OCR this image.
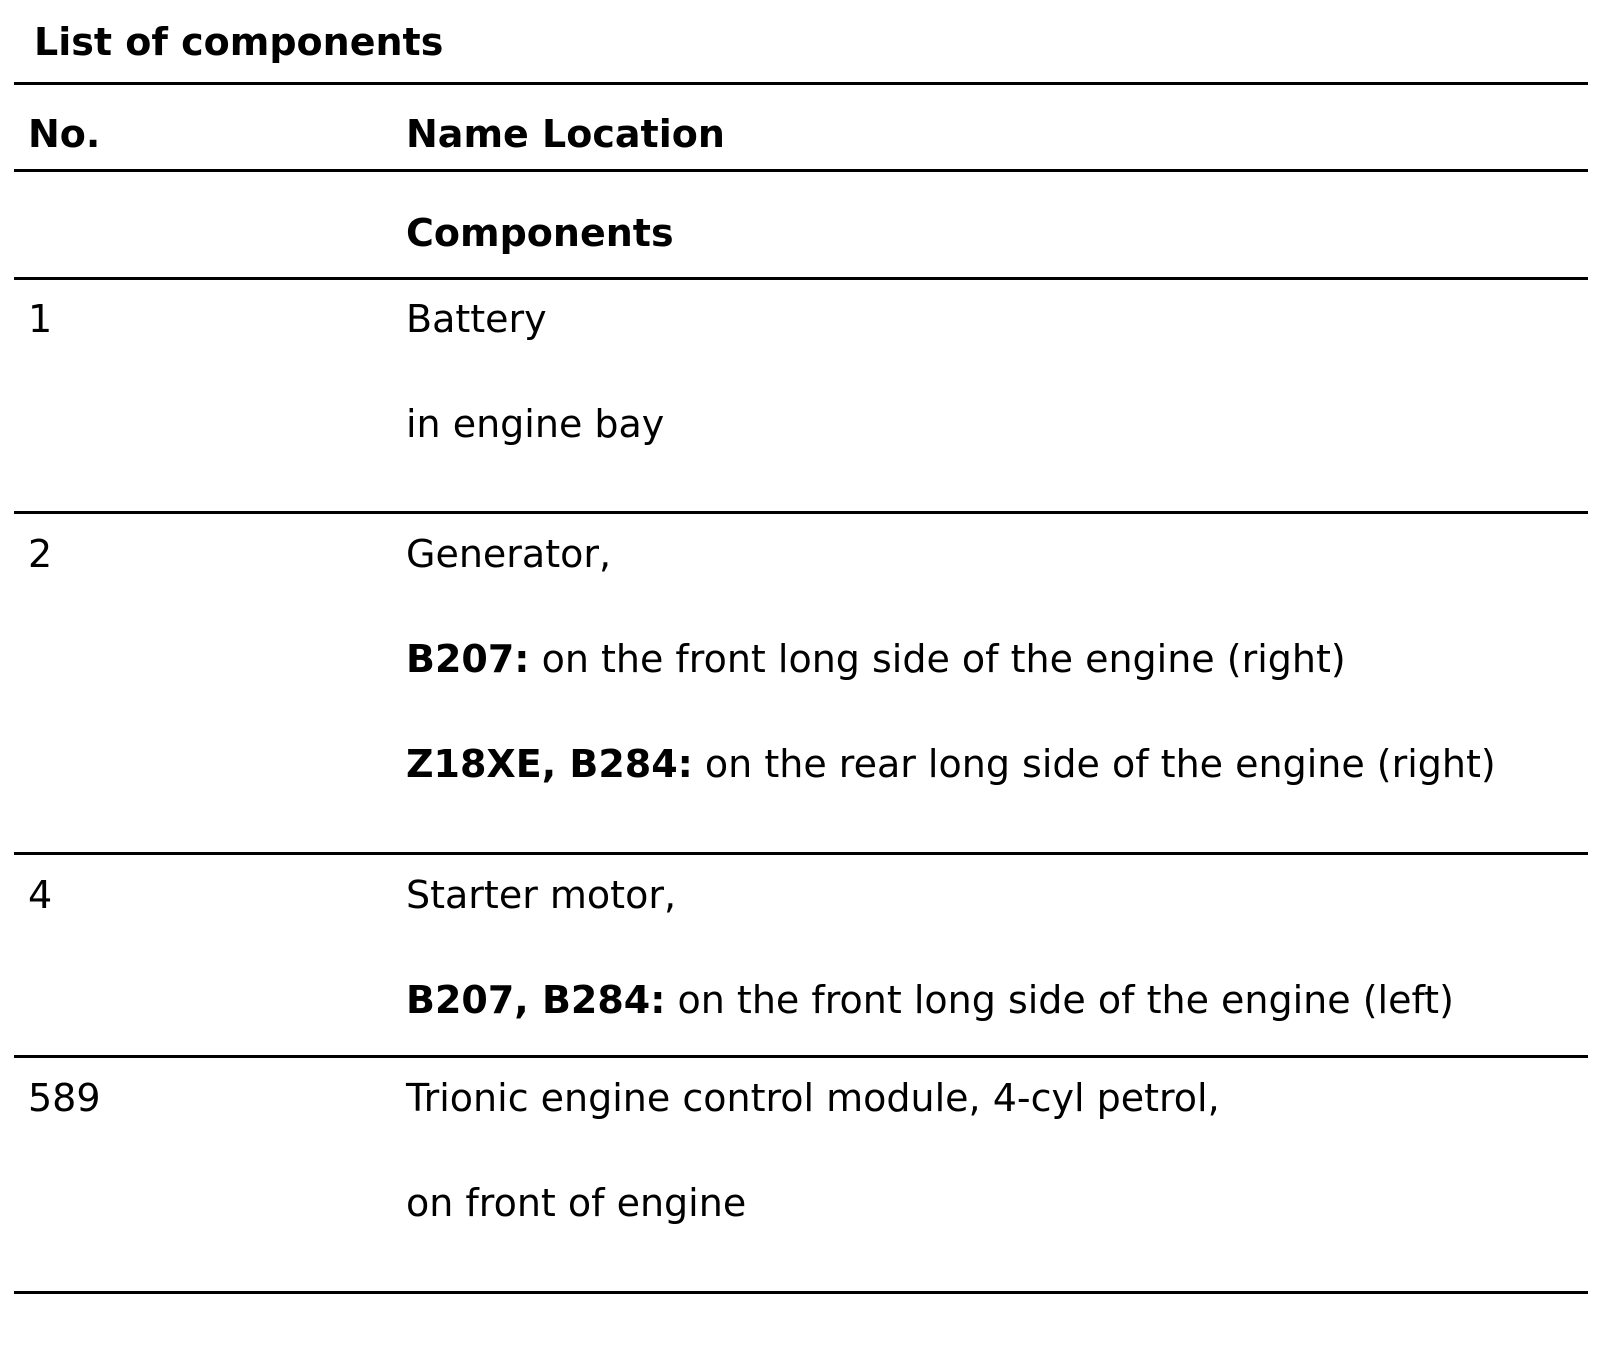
List of components
No.	Name Location
Components
1	Battery
in engine bay
2	Generator,
B207: on the front long side of the engine (right)
Z18XE, B284: on the rear long side of the engine (right)
4	Starter motor,
B207, B284: on the front long side of the engine (left)
589	Trionic engine control module, 4-cyl petrol,
on front of engine
